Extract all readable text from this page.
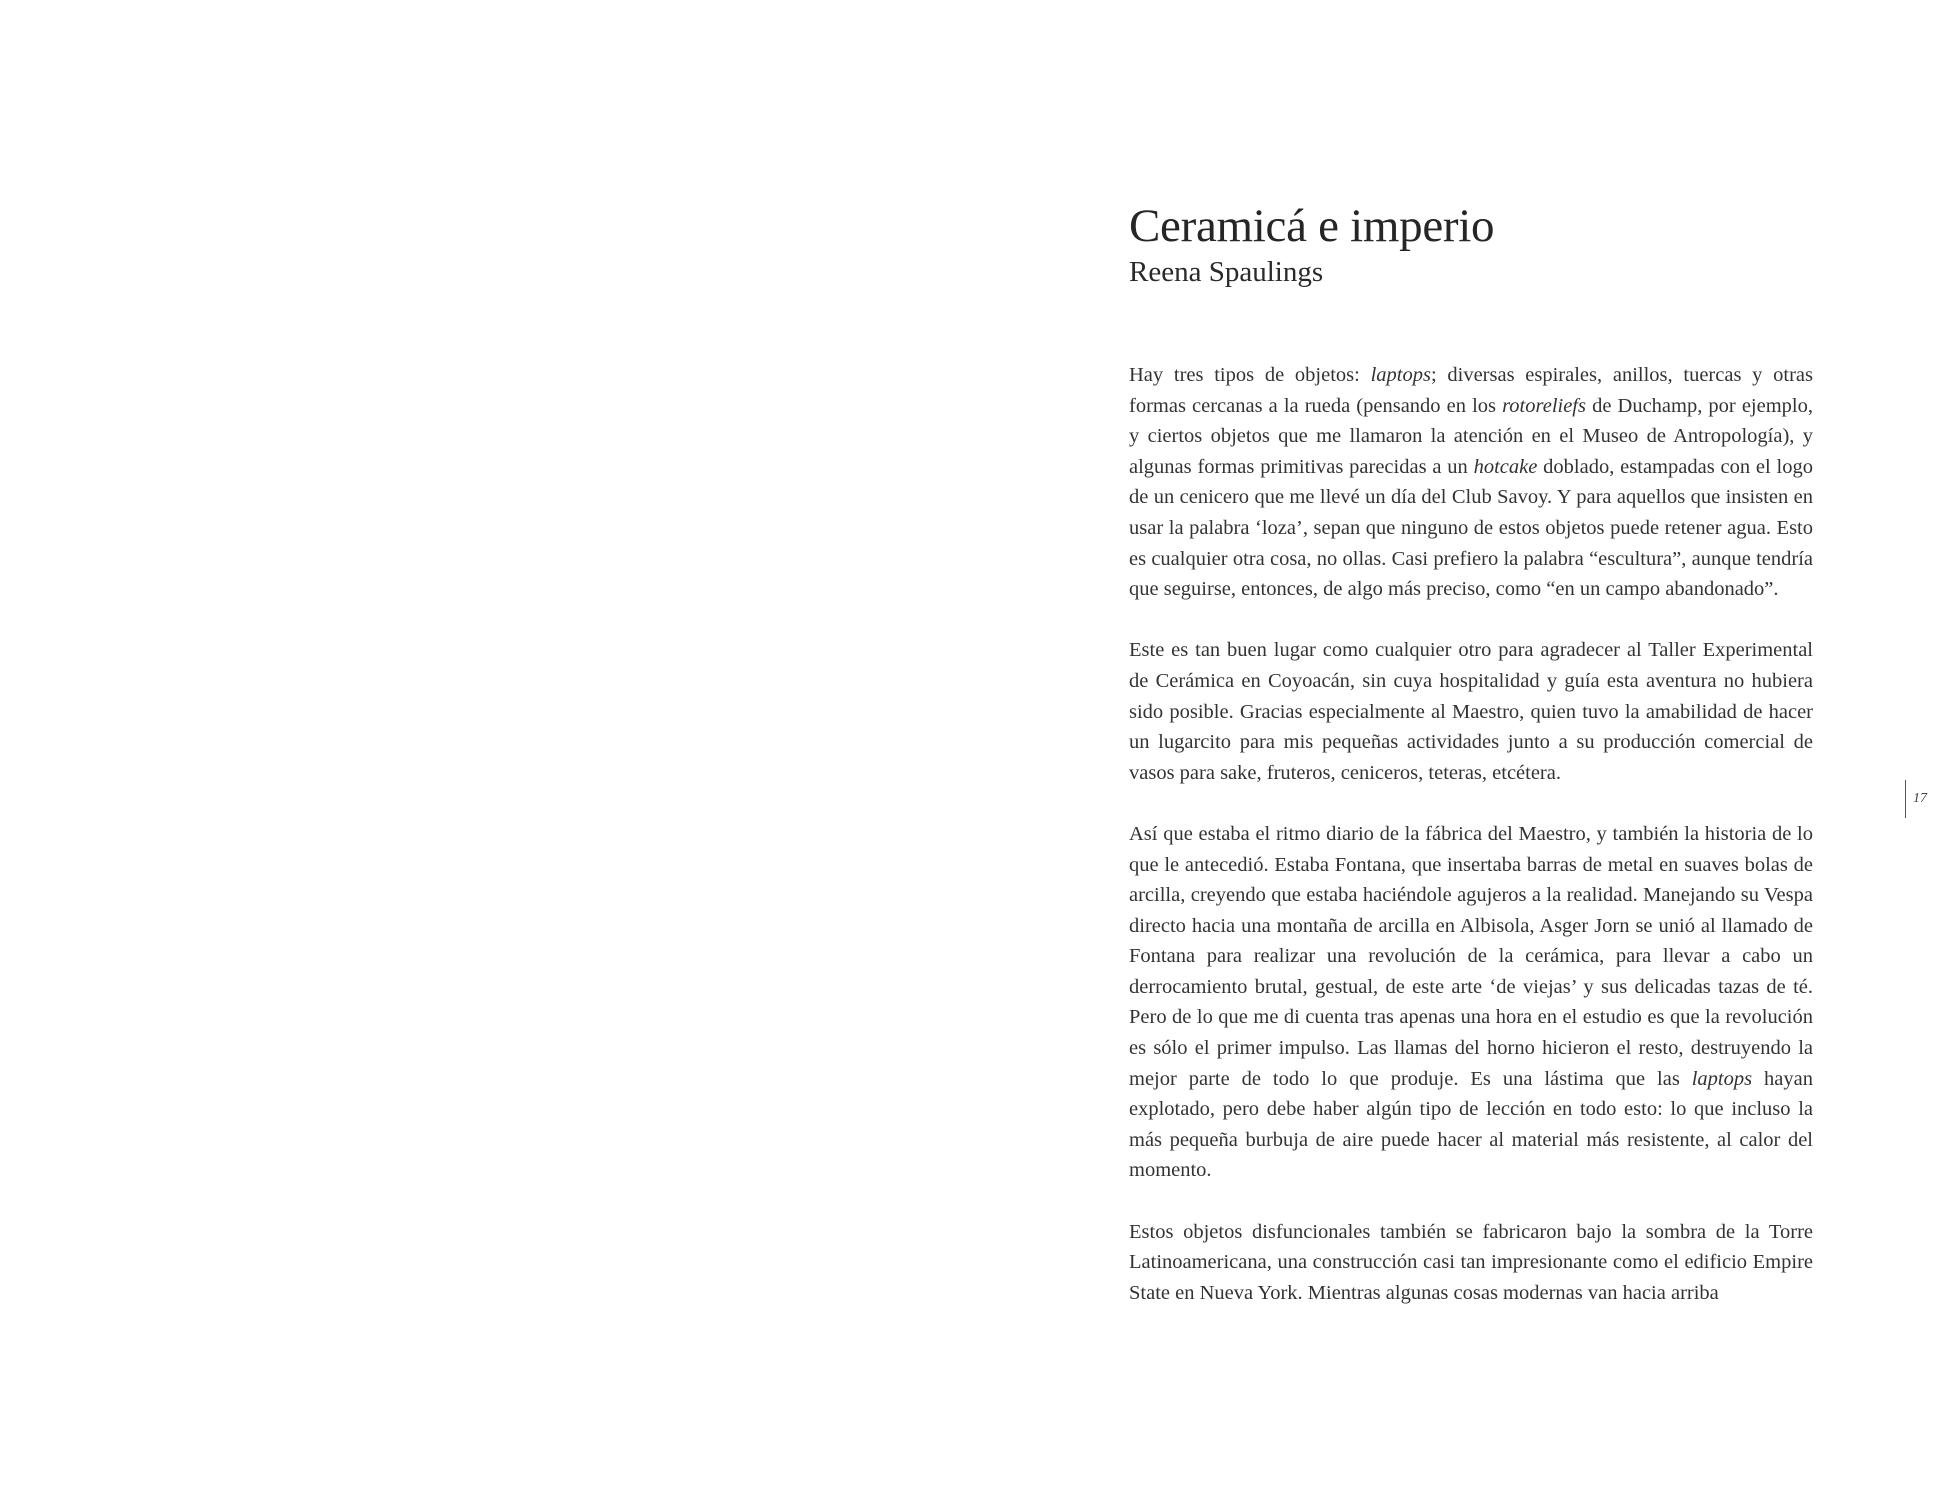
Ceramicá e imperio
Reena Spaulings

Hay tres tipos de objetos: laptops; diversas espirales, anillos, tuercas y otras formas cercanas a la rueda (pensando en los rotoreliefs de Duchamp, por ejemplo, y ciertos objetos que me llamaron la atención en el Museo de Antropología), y algunas formas primitivas parecidas a un hotcake doblado, estampadas con el logo de un cenicero que me llevé un día del Club Savoy. Y para aquellos que insisten en usar la palabra ‘loza’, sepan que ninguno de estos objetos puede retener agua. Esto es cualquier otra cosa, no ollas. Casi prefiero la palabra “escultura”, aunque tendría que seguirse, entonces, de algo más preciso, como “en un campo abandonado”.

Este es tan buen lugar como cualquier otro para agradecer al Taller Experimental de Cerámica en Coyoacán, sin cuya hospitalidad y guía esta aventura no hubiera sido posible. Gracias especialmente al Maestro, quien tuvo la amabilidad de hacer un lugarcito para mis pequeñas actividades junto a su producción comercial de vasos para sake, fruteros, ceniceros, teteras, etcétera.

Así que estaba el ritmo diario de la fábrica del Maestro, y también la historia de lo que le antecedió. Estaba Fontana, que insertaba barras de metal en suaves bolas de arcilla, creyendo que estaba haciéndole agujeros a la realidad. Manejando su Vespa directo hacia una montaña de arcilla en Albisola, Asger Jorn se unió al llamado de Fontana para realizar una revolución de la cerámica, para llevar a cabo un derrocamiento brutal, gestual, de este arte ‘de viejas’ y sus delicadas tazas de té. Pero de lo que me di cuenta tras apenas una hora en el estudio es que la revolución es sólo el primer impulso. Las llamas del horno hicieron el resto, destruyendo la mejor parte de todo lo que produje. Es una lástima que las laptops hayan explotado, pero debe haber algún tipo de lección en todo esto: lo que incluso la más pequeña burbuja de aire puede hacer al material más resistente, al calor del momento.

Estos objetos disfuncionales también se fabricaron bajo la sombra de la Torre Latinoamericana, una construcción casi tan impresionante como el edificio Empire State en Nueva York. Mientras algunas cosas modernas van hacia arriba

17
